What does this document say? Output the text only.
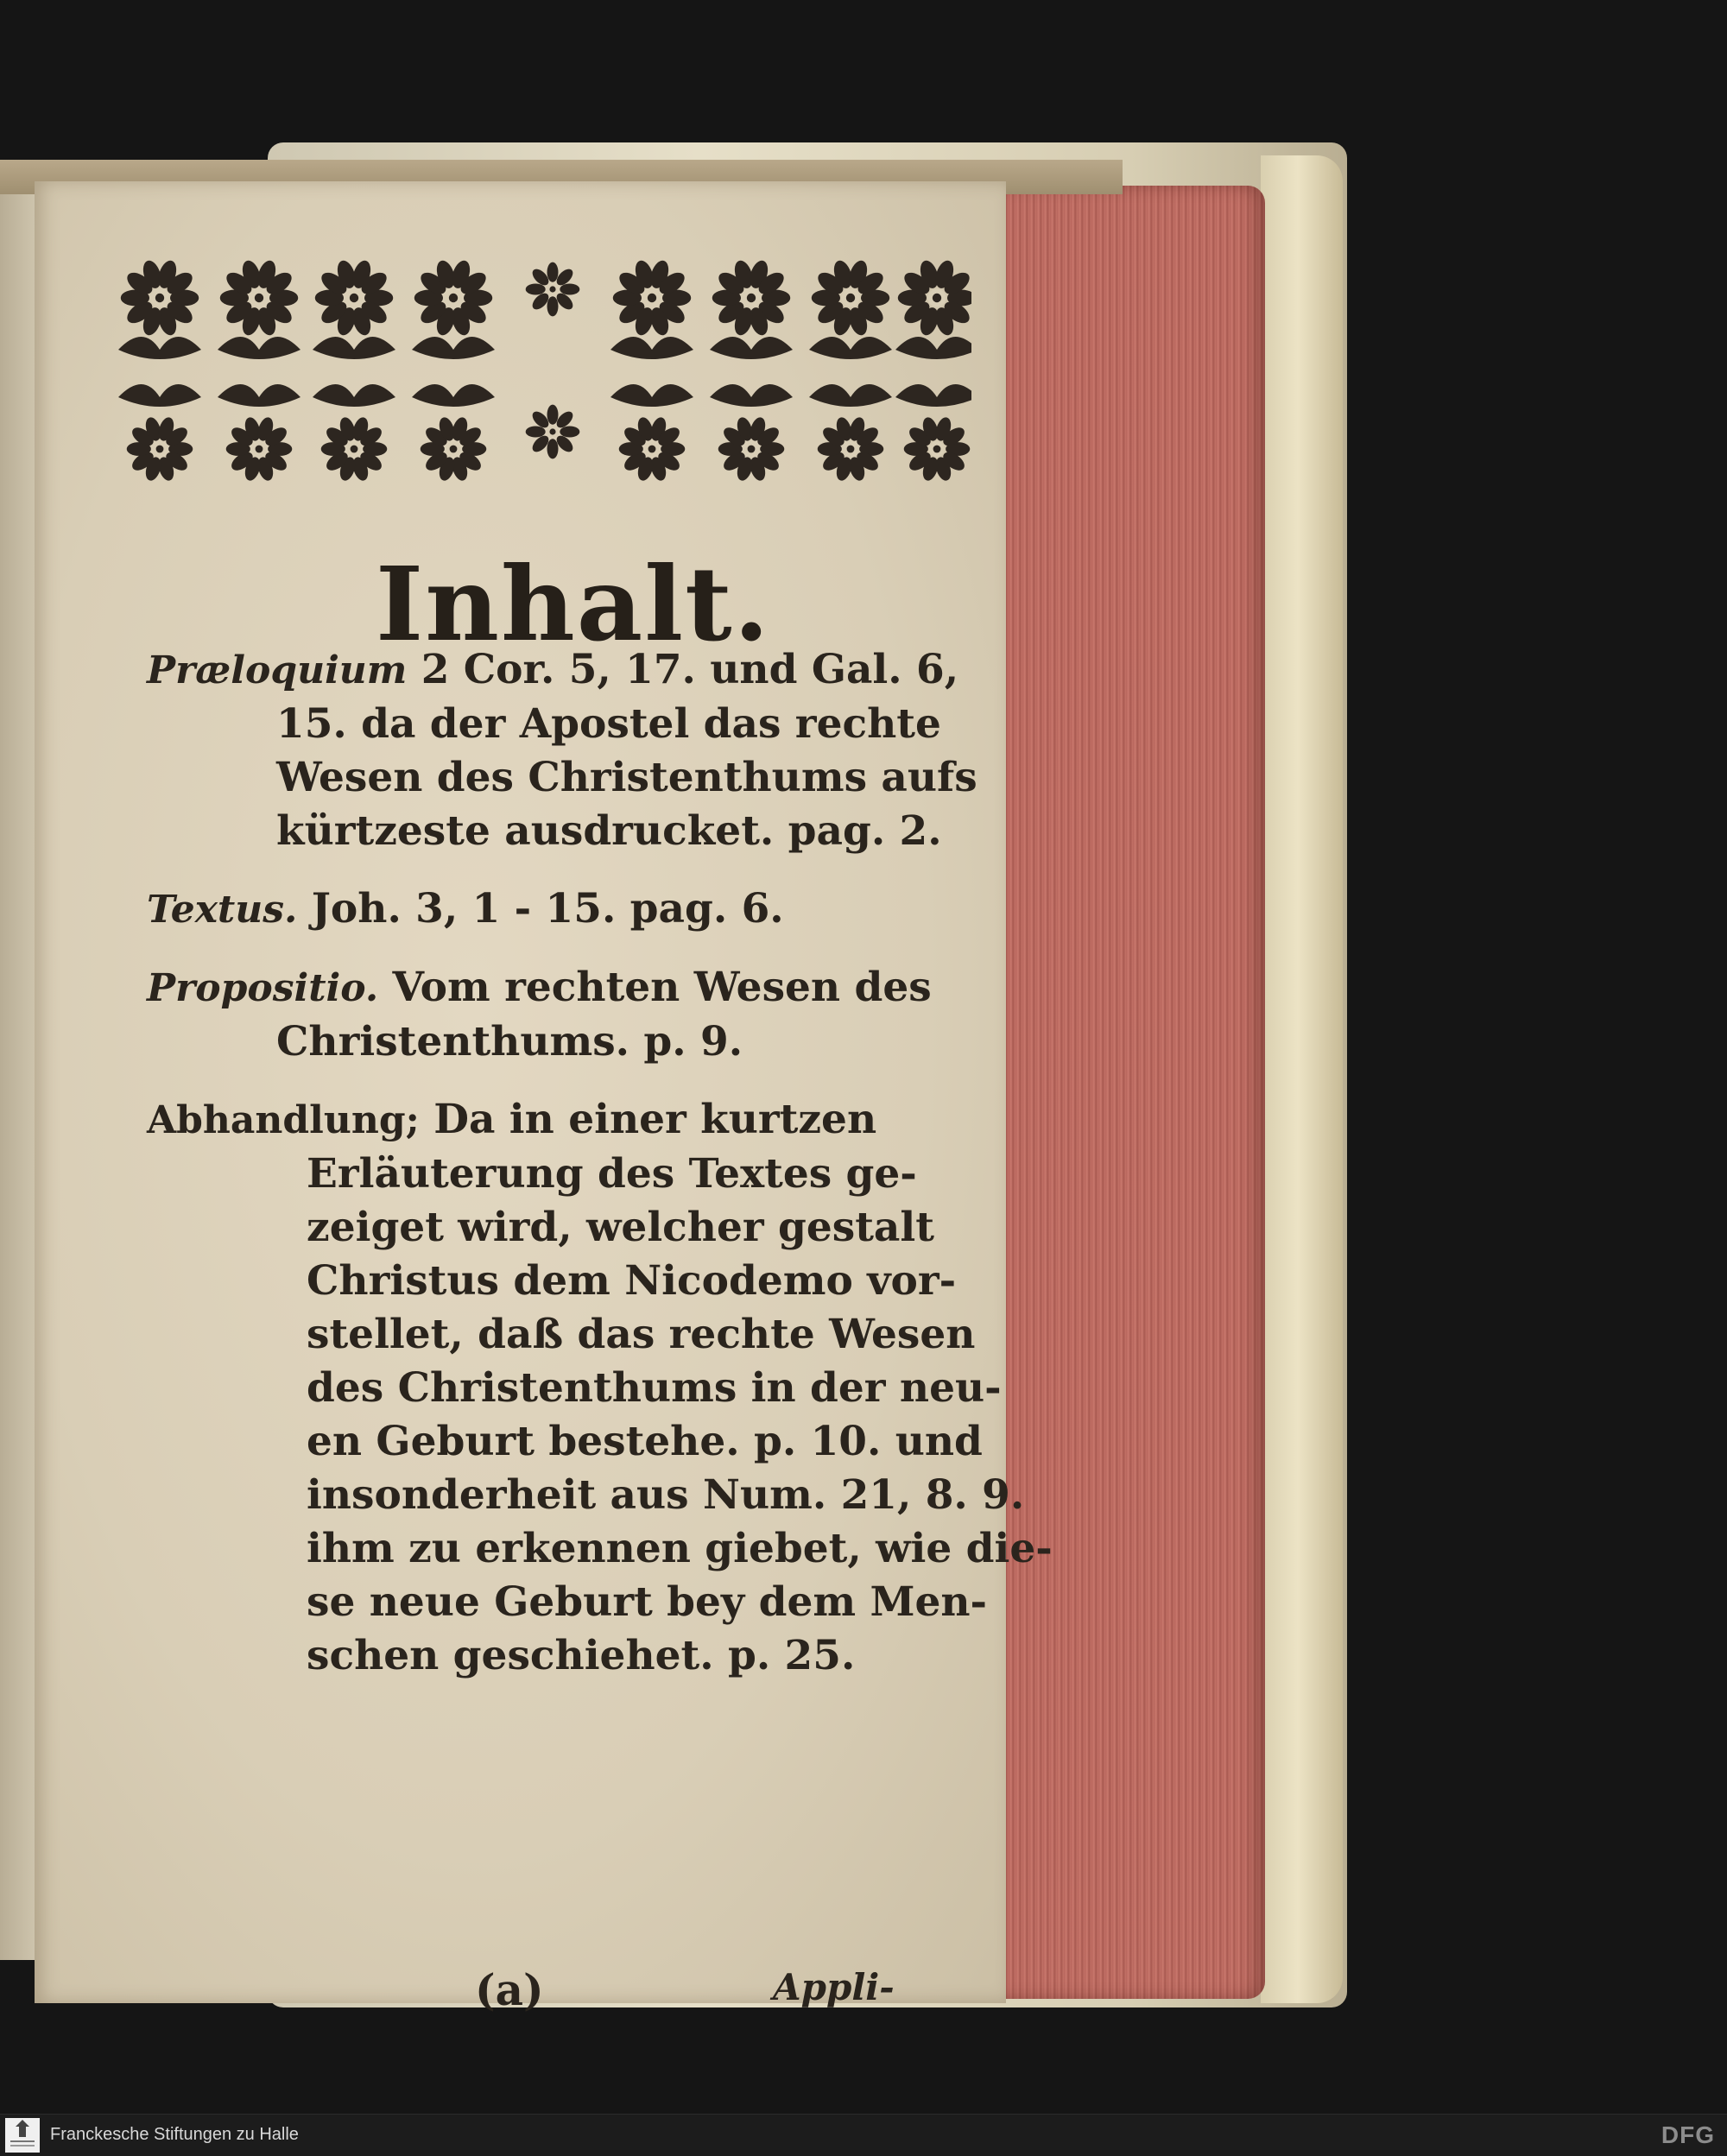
Inhalt.
Præloquium 2 Cor. 5, 17. und Gal. 6,
15. da der Apostel das rechte
Wesen des Christenthums aufs
kürtzeste ausdrucket. pag. 2.
Textus. Joh. 3, 1 - 15. pag. 6.
Propositio. Vom rechten Wesen des
Christenthums. p. 9.
Abhandlung; Da in einer kurtzen
Erläuterung des Textes ge-
zeiget wird, welcher gestalt
Christus dem Nicodemo vor-
stellet, daß das rechte Wesen
des Christenthums in der neu-
en Geburt bestehe. p. 10. und
insonderheit aus Num. 21, 8. 9.
ihm zu erkennen giebet, wie die-
se neue Geburt bey dem Men-
schen geschiehet. p. 25.
(a)	Appli-
Franckesche Stiftungen zu Halle	DFG
